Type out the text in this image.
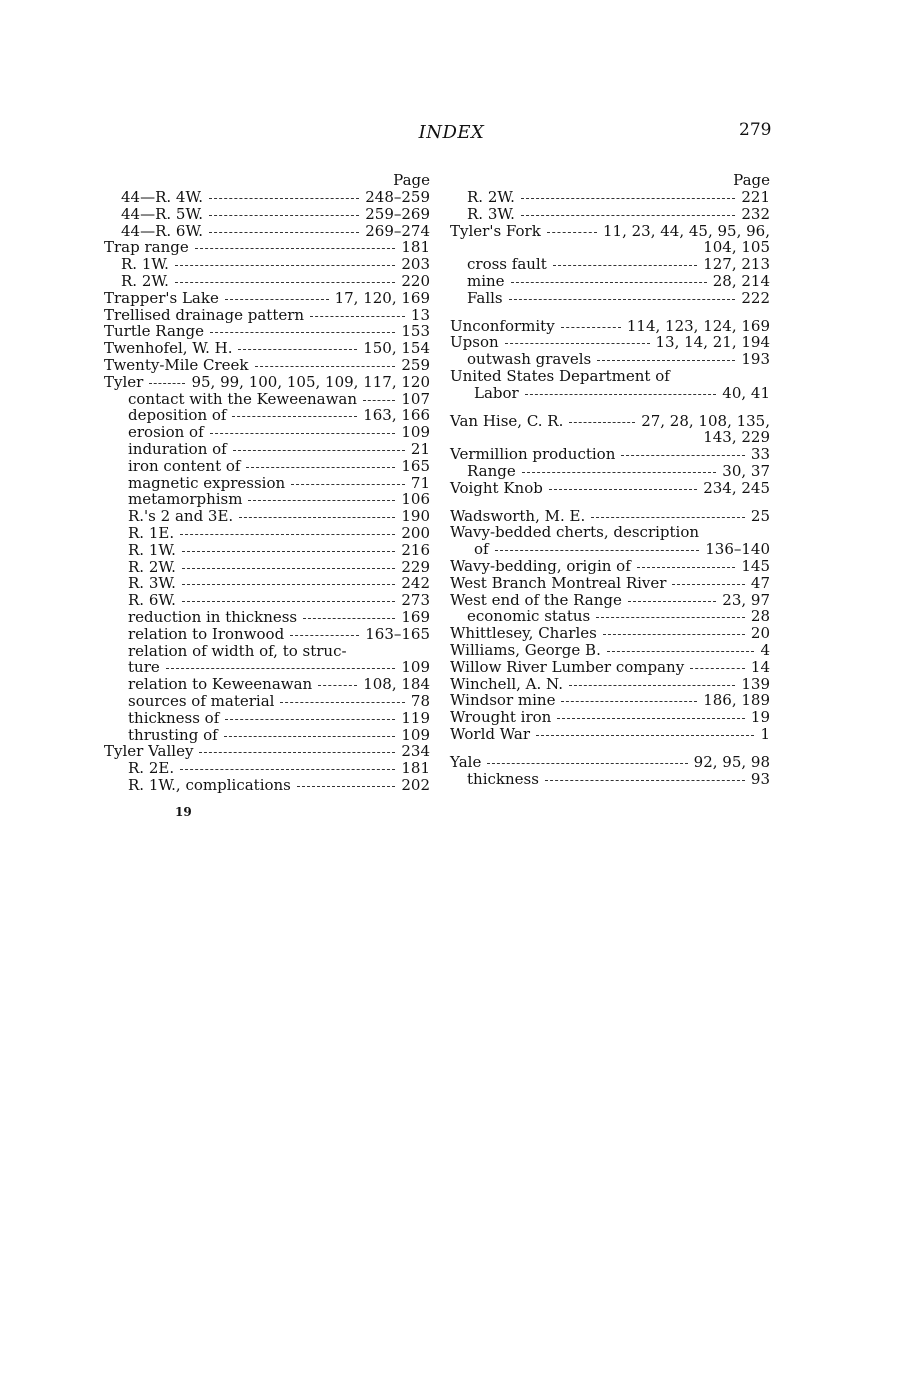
INDEX	279
Page
44—R. 4W.	248–259
44—R. 5W.	259–269
44—R. 6W.	269–274
Trap range	181
R. 1W.	203
R. 2W.	220
Trapper's Lake	17, 120, 169
Trellised drainage pattern	13
Turtle Range	153
Twenhofel, W. H.	150, 154
Twenty-Mile Creek	259
Tyler	95, 99, 100, 105, 109, 117, 120
contact with the Keweenawan	107
deposition of	163, 166
erosion of	109
induration of	21
iron content of	165
magnetic expression	71
metamorphism	106
R.'s 2 and 3E.	190
R. 1E.	200
R. 1W.	216
R. 2W.	229
R. 3W.	242
R. 6W.	273
reduction in thickness	169
relation to Ironwood	163–165
relation of width of, to struc-
ture	109
relation to Keweenawan	108, 184
sources of material	78
thickness of	119
thrusting of	109
Tyler Valley	234
R. 2E.	181
R. 1W., complications	202
Page
R. 2W.	221
R. 3W.	232
Tyler's Fork	11, 23, 44, 45, 95, 96,
104, 105
cross fault	127, 213
mine	28, 214
Falls	222
Unconformity	114, 123, 124, 169
Upson	13, 14, 21, 194
outwash gravels	193
United States Department of
Labor	40, 41
Van Hise, C. R.	27, 28, 108, 135,
143, 229
Vermillion production	33
Range	30, 37
Voight Knob	234, 245
Wadsworth, M. E.	25
Wavy-bedded cherts, description
of	136–140
Wavy-bedding, origin of	145
West Branch Montreal River	47
West end of the Range	23, 97
economic status	28
Whittlesey, Charles	20
Williams, George B.	4
Willow River Lumber company	14
Winchell, A. N.	139
Windsor mine	186, 189
Wrought iron	19
World War	1
Yale	92, 95, 98
thickness	93
19
